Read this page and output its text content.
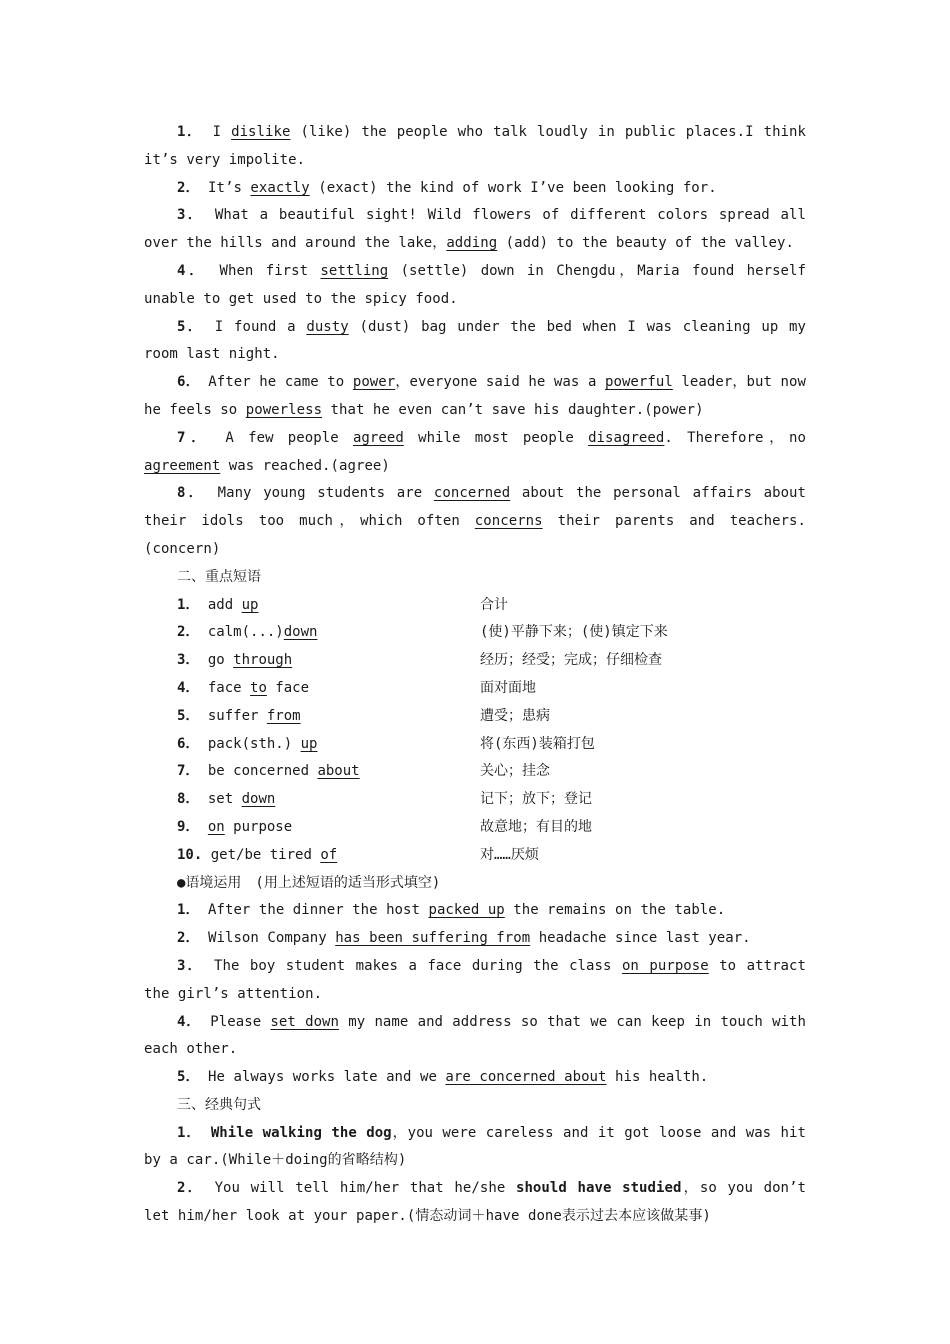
1． I dislike (like) the people who talk loudly in public places.I think it’s very impolite.

2． It’s exactly (exact) the kind of work I’ve been looking for.

3． What a beautiful sight! Wild flowers of different colors spread all over the hills and around the lake，adding (add) to the beauty of the valley.

4． When first settling (settle) down in Chengdu，Maria found herself unable to get used to the spicy food.

5． I found a dusty (dust) bag under the bed when I was cleaning up my room last night.

6． After he came to power，everyone said he was a powerful leader，but now he feels so powerless that he even can’t save his daughter.(power)

7． A few people agreed while most people disagreed. Therefore，no agreement was reached.(agree)

8． Many young students are concerned about the personal affairs about their idols too much，which often concerns their parents and teachers.(concern)

二、重点短语

1． add up	合计
2． calm(...)down	(使)平静下来；(使)镇定下来
3． go through	经历；经受；完成；仔细检查
4． face to face	面对面地
5． suffer from	遭受；患病
6． pack(sth.) up	将(东西)装箱打包
7． be concerned about	关心；挂念
8． set down	记下；放下；登记
9． on purpose	故意地；有目的地
10. get/be tired of	对……厌烦

●语境运用　(用上述短语的适当形式填空)

1． After the dinner the host packed up the remains on the table.

2． Wilson Company has been suffering from headache since last year.

3． The boy student makes a face during the class on purpose to attract the girl’s attention.

4． Please set down my name and address so that we can keep in touch with each other.

5． He always works late and we are concerned about his health.

三、经典句式

1． While walking the dog，you were careless and it got loose and was hit by a car.(While＋doing的省略结构)

2． You will tell him/her that he/she should have studied，so you don’t let him/her look at your paper.(情态动词＋have done表示过去本应该做某事)
